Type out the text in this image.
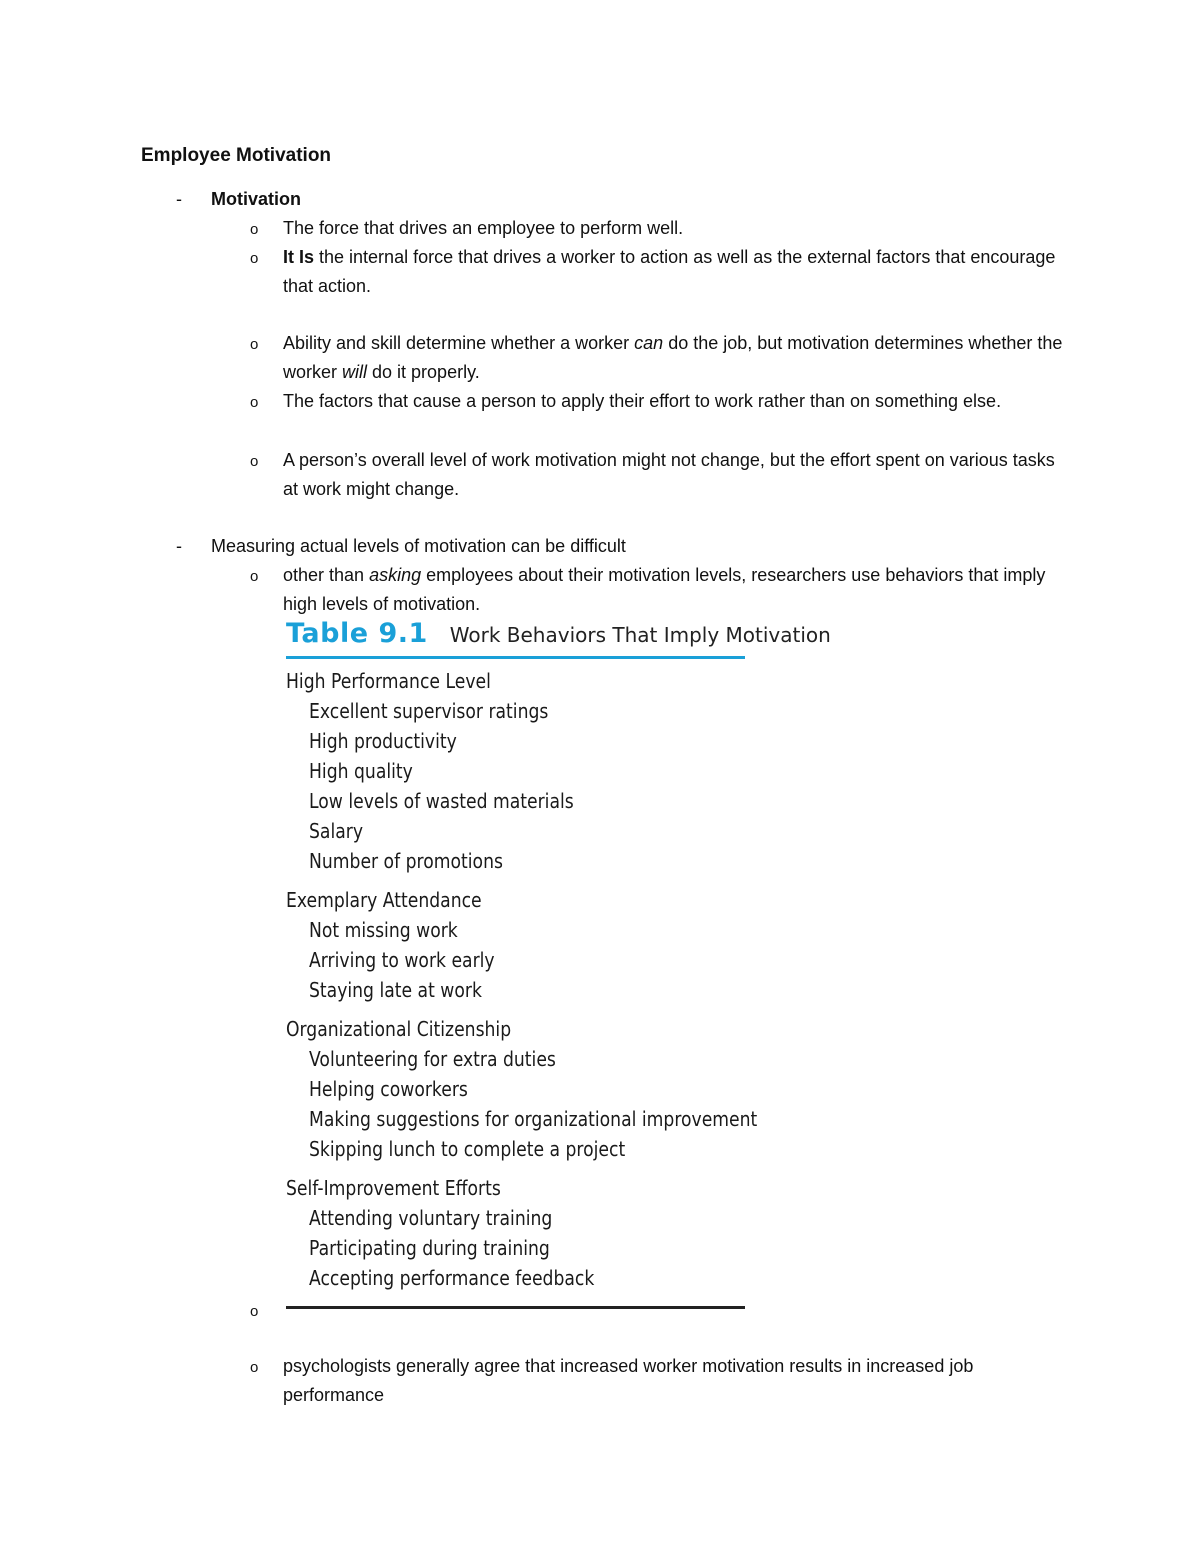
Employee Motivation
- Motivation
o The force that drives an employee to perform well.
o It Is the internal force that drives a worker to action as well as the external factors that encourage that action.
o Ability and skill determine whether a worker can do the job, but motivation determines whether the worker will do it properly.
o The factors that cause a person to apply their effort to work rather than on something else.
o A person’s overall level of work motivation might not change, but the effort spent on various tasks at work might change.
- Measuring actual levels of motivation can be difficult
o other than asking employees about their motivation levels, researchers use behaviors that imply high levels of motivation.
Table 9.1 Work Behaviors That Imply Motivation
High Performance Level
Excellent supervisor ratings
High productivity
High quality
Low levels of wasted materials
Salary
Number of promotions
Exemplary Attendance
Not missing work
Arriving to work early
Staying late at work
Organizational Citizenship
Volunteering for extra duties
Helping coworkers
Making suggestions for organizational improvement
Skipping lunch to complete a project
Self-Improvement Efforts
Attending voluntary training
Participating during training
Accepting performance feedback
o
o psychologists generally agree that increased worker motivation results in increased job performance
